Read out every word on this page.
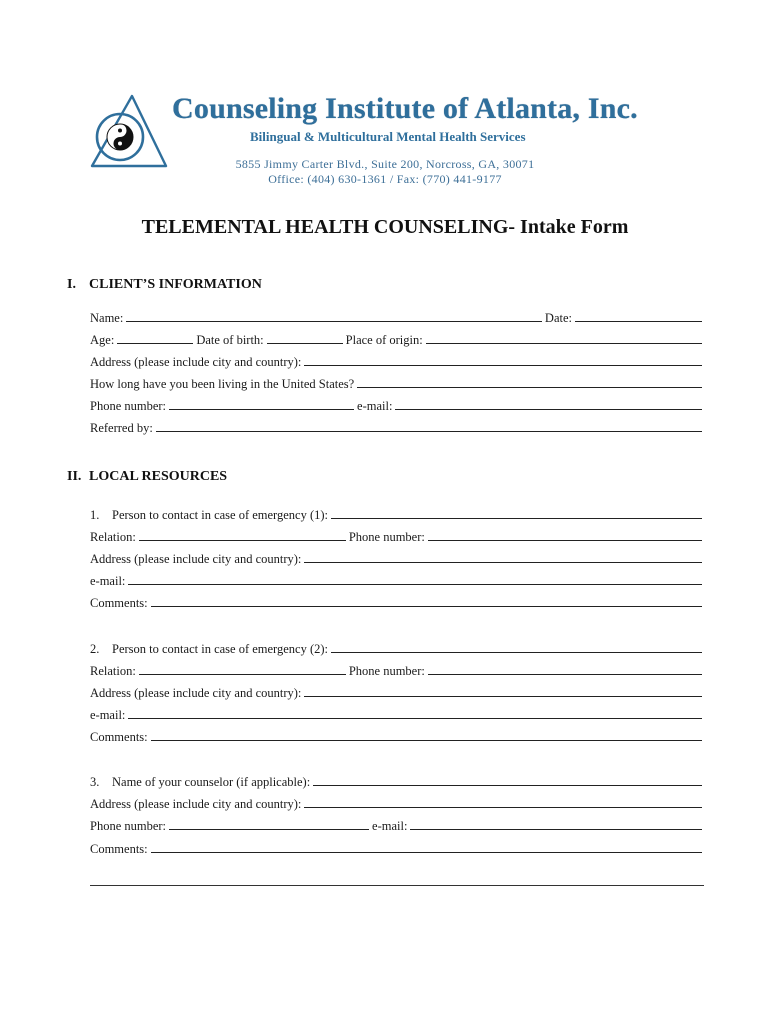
Counseling Institute of Atlanta, Inc.
Bilingual & Multicultural Mental Health Services
5855 Jimmy Carter Blvd., Suite 200, Norcross, GA, 30071
Office: (404) 630-1361 / Fax: (770) 441-9177
TELEMENTAL HEALTH COUNSELING- Intake Form
I. CLIENT’S INFORMATION
Name:	Date:
Age:	Date of birth:	Place of origin:
Address (please include city and country):
How long have you been living in the United States?
Phone number:	e-mail:
Referred by:
II. LOCAL RESOURCES
1. Person to contact in case of emergency (1):
Relation:	Phone number:
Address (please include city and country):
e-mail:
Comments:
2. Person to contact in case of emergency (2):
Relation:	Phone number:
Address (please include city and country):
e-mail:
Comments:
3. Name of your counselor (if applicable):
Address (please include city and country):
Phone number:	e-mail:
Comments:
